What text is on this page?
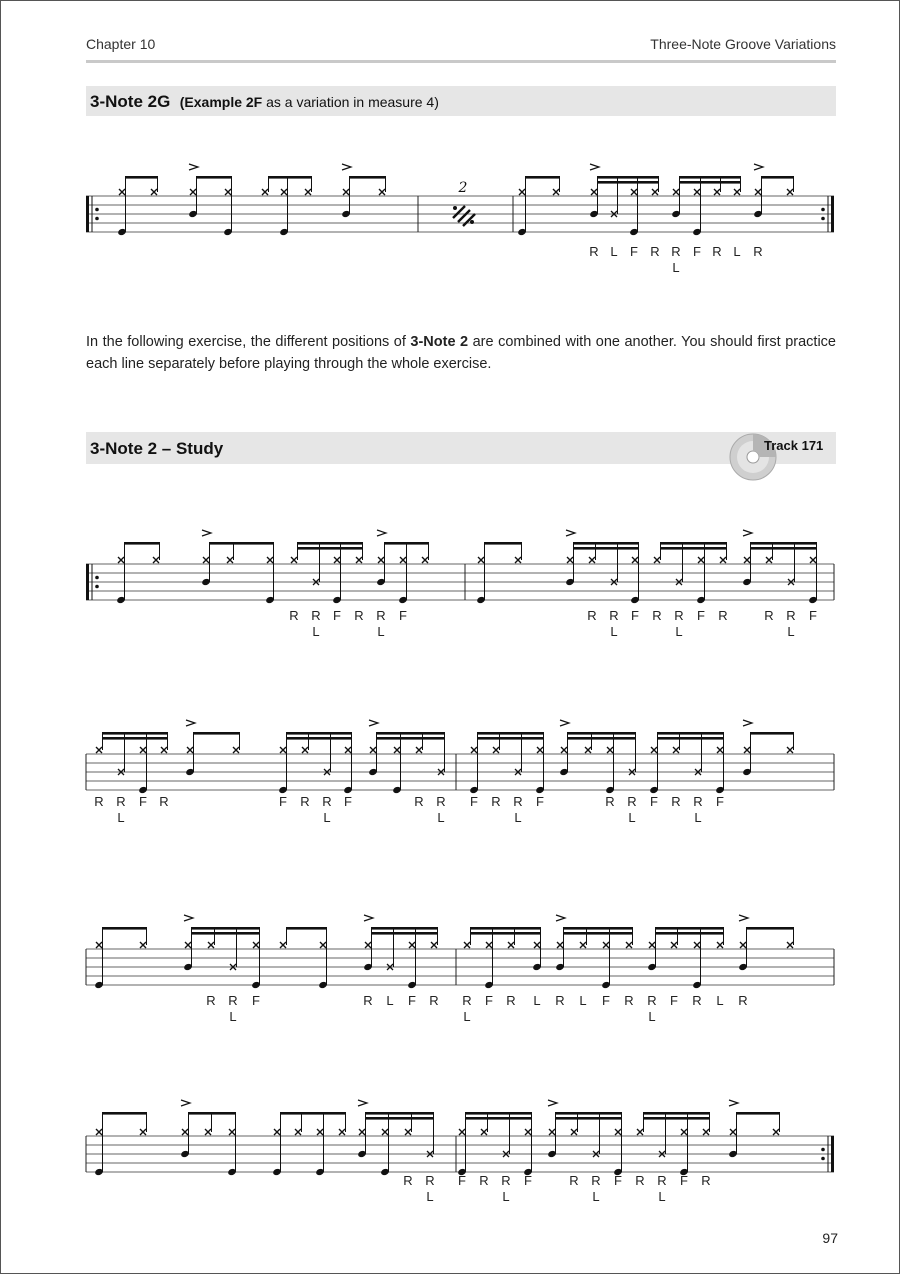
Chapter 10	Three-Note Groove Variations
3-Note 2G (Example 2F as a variation in measure 4)
2
R L F R R
L
F R L R
In the following exercise, the different positions of 3-Note 2 are combined with one another. You should first practice each line separately before playing through the whole exercise.
3-Note 2 – Study	Track 171
R R
L
F R R
L
F	R R
L
F R R
L
F R	R R
L
F
R R
L
F R	F R R
L
F	R R
L
F R R
L
F	R R
L
F R R
L
F
R R
L
F	R L F R R
L
F R L R L F R R
L
F R L R
R R
L
F R R
L
F	R R
L
F R R
L
F R
97
